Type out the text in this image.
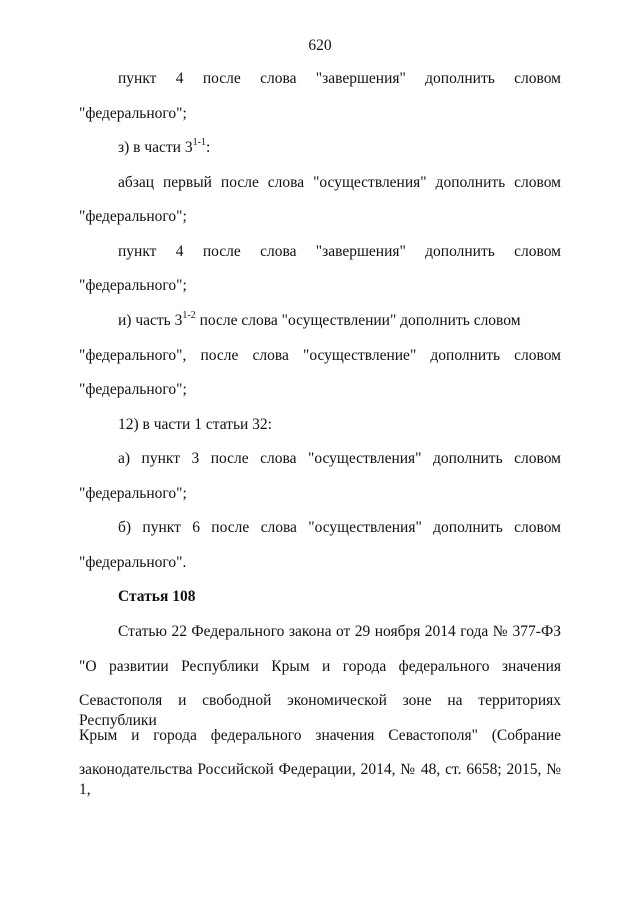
620
пункт 4 после слова "завершения" дополнить словом
"федерального";
з) в части 3$^{1-1}$:
абзац первый после слова "осуществления" дополнить словом
"федерального";
пункт 4 после слова "завершения" дополнить словом
"федерального";
и) часть 3$^{1-2}$ после слова "осуществлении" дополнить словом
"федерального", после слова "осуществление" дополнить словом
"федерального";
12) в части 1 статьи 32:
а) пункт 3 после слова "осуществления" дополнить словом
"федерального";
б) пункт 6 после слова "осуществления" дополнить словом
"федерального".
Статья 108
Статью 22 Федерального закона от 29 ноября 2014 года № 377-ФЗ
"О развитии Республики Крым и города федерального значения
Севастополя и свободной экономической зоне на территориях Республики
Крым и города федерального значения Севастополя" (Собрание
законодательства Российской Федерации, 2014, № 48, ст. 6658; 2015, № 1,
